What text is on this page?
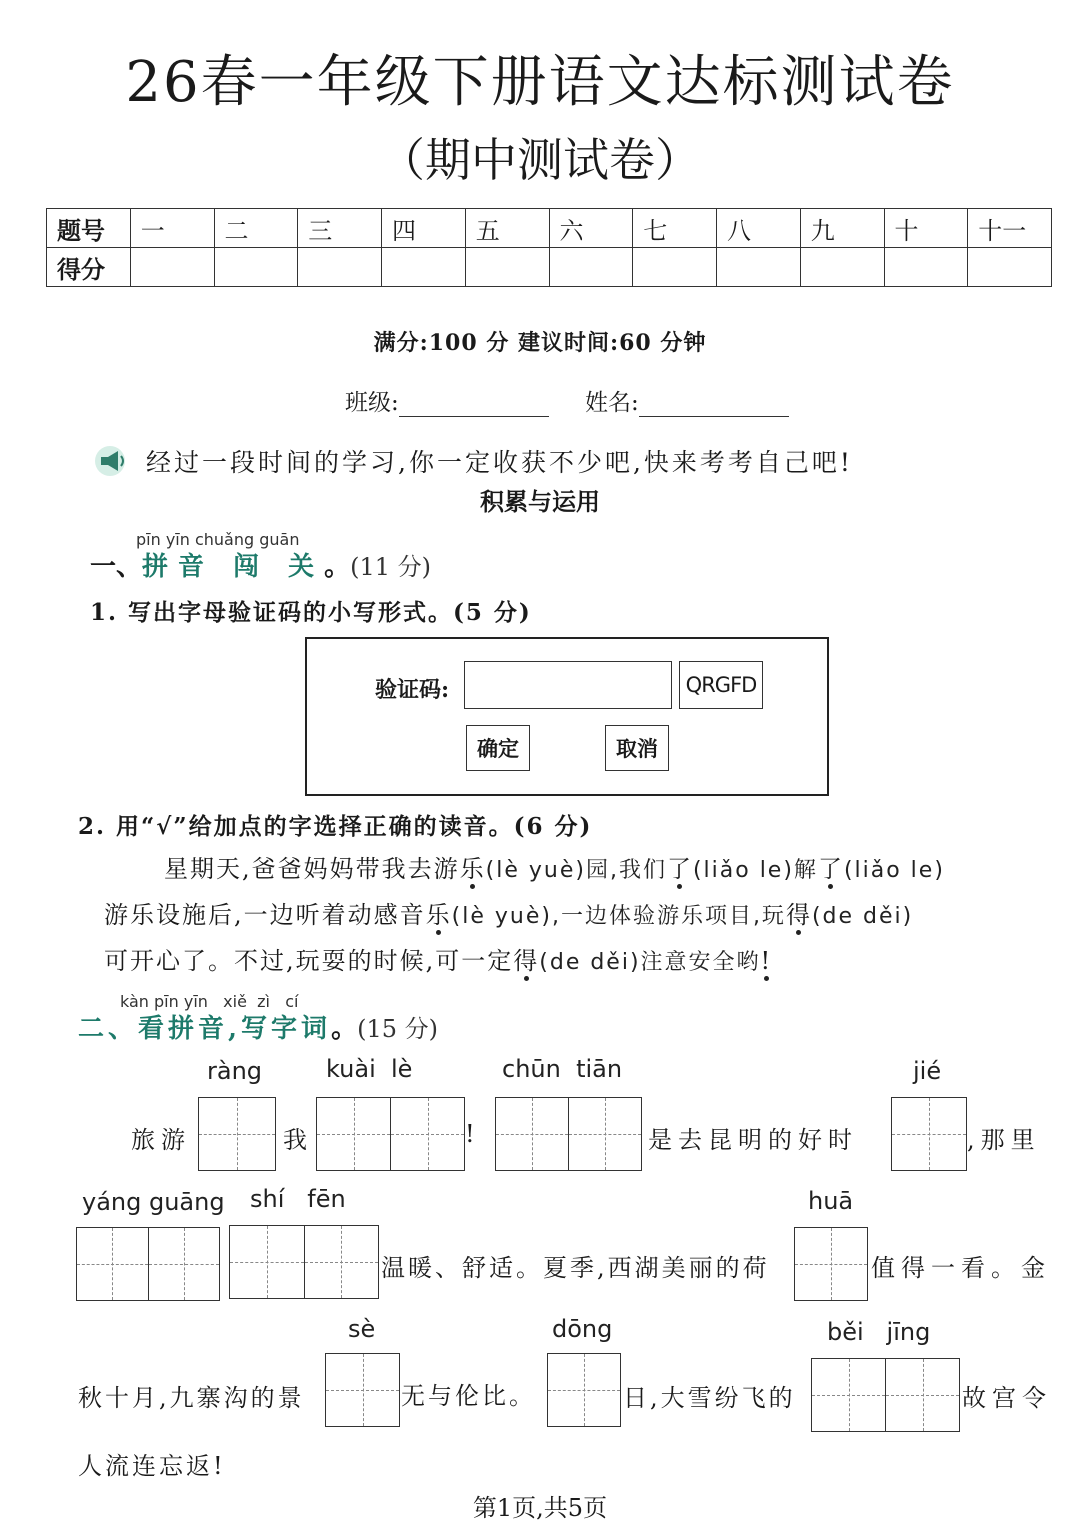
26春一年级下册语文达标测试卷
（期中测试卷）
题号	一	二	三	四	五	六	七	八	九	十	十一
得分											
满分:100 分 建议时间:60 分钟
班级:	姓名:
经过一段时间的学习,你一定收获不少吧,快来考考自己吧!
积累与运用
pīn yīn chuǎng guān
一、拼音 闯 关。(11 分)
1. 写出字母验证码的小写形式。(5 分)
验证码:	QRGFD
确定	取消
2. 用“√”给加点的字选择正确的读音。(6 分)
星期天,爸爸妈妈带我去游乐(lè yuè)园,我们了(liǎo le)解了(liǎo le)
游乐设施后,一边听着动感音乐(lè yuè),一边体验游乐项目,玩得(de děi)
可开心了。不过,玩耍的时候,可一定得(de děi)注意安全哟!
kàn pīn yīn   xiě  zì   cí
二、看拼音,写字词。(15 分)
ràng	kuài  lè	chūn  tiān	jié
旅游	我	!	是去昆明的好时	,那里
yáng guāng shí   fēn	huā
温暖、舒适。夏季,西湖美丽的荷	值得一看。金
sè	dōng	běi   jīng
秋十月,九寨沟的景	无与伦比。	日,大雪纷飞的	故宫令
人流连忘返!
第1页,共5页
